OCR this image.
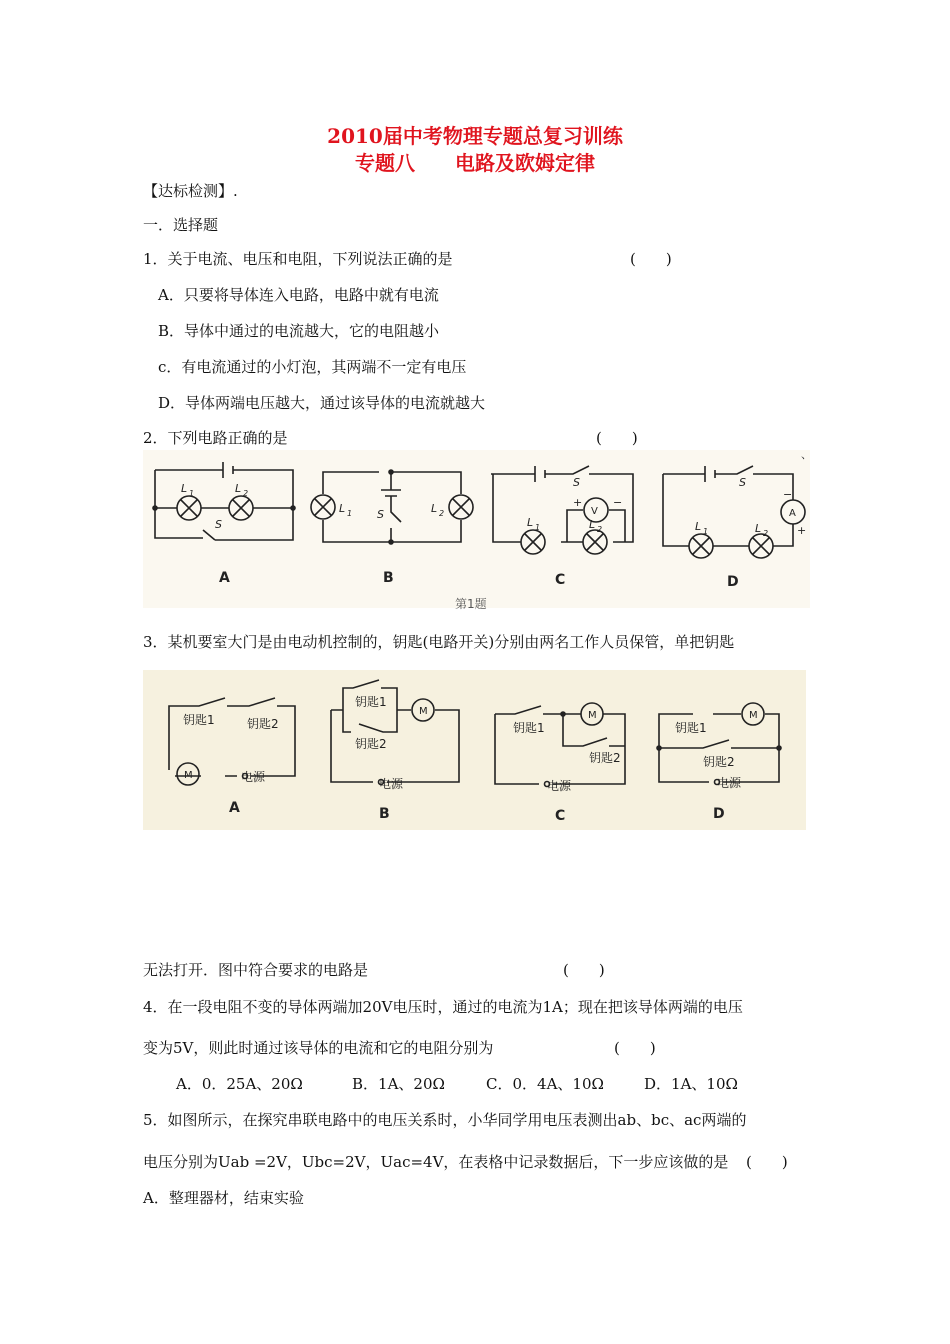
2010届中考物理专题总复习训练
专题八　　电路及欧姆定律
【达标检测】.
一．选择题
1．关于电流、电压和电阻，下列说法正确的是	(　　)
A．只要将导体连入电路，电路中就有电流
B．导体中通过的电流越大，它的电阻越小
c．有电流通过的小灯泡，其两端不一定有电压
D．导体两端电压越大，通过该导体的电流就越大
2．下列电路正确的是	(　　)
L 1	L 2
S
L 1 S	L 2
S
L 1	L 2
V
+	−
S
L 1	L 2
A
−
+
A	B	C	D
第1题
、
3．某机要室大门是由电动机控制的，钥匙(电路开关)分别由两名工作人员保管，单把钥匙
钥匙1	钥匙2
M	电源
钥匙1
钥匙2
M
电源
钥匙1
钥匙2
M
电源
钥匙1
钥匙2
M
电源
A	B	C	D
无法打开．图中符合要求的电路是	(　　)
4．在一段电阻不变的导体两端加20V电压时，通过的电流为1A；现在把该导体两端的电压
变为5V，则此时通过该导体的电流和它的电阻分别为	(　　)
A．0．25A、20Ω	B．1A、20Ω	C．0．4A、10Ω	D．1A、10Ω
5．如图所示，在探究串联电路中的电压关系时，小华同学用电压表测出ab、bc、ac两端的
电压分别为Uab =2V，Ubc=2V，Uac=4V，在表格中记录数据后，下一步应该做的是 (　　)
A．整理器材，结束实验
